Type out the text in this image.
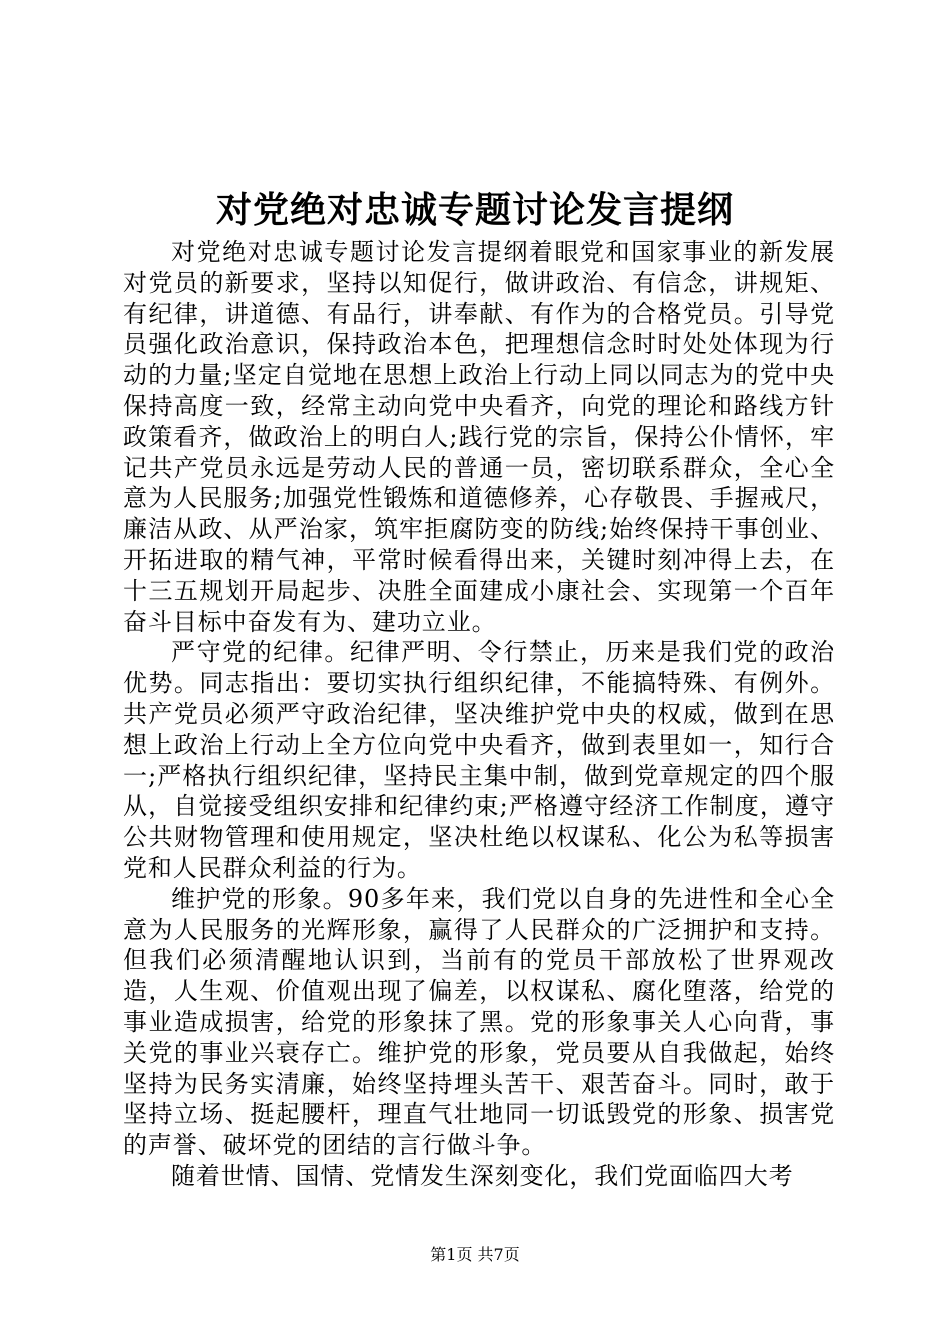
对党绝对忠诚专题讨论发言提纲

对党绝对忠诚专题讨论发言提纲着眼党和国家事业的新发展对党员的新要求，坚持以知促行，做讲政治、有信念，讲规矩、有纪律，讲道德、有品行，讲奉献、有作为的合格党员。引导党员强化政治意识，保持政治本色，把理想信念时时处处体现为行动的力量;坚定自觉地在思想上政治上行动上同以同志为的党中央保持高度一致，经常主动向党中央看齐，向党的理论和路线方针政策看齐，做政治上的明白人;践行党的宗旨，保持公仆情怀，牢记共产党员永远是劳动人民的普通一员，密切联系群众，全心全意为人民服务;加强党性锻炼和道德修养，心存敬畏、手握戒尺，廉洁从政、从严治家，筑牢拒腐防变的防线;始终保持干事创业、开拓进取的精气神，平常时候看得出来，关键时刻冲得上去，在十三五规划开局起步、决胜全面建成小康社会、实现第一个百年奋斗目标中奋发有为、建功立业。

严守党的纪律。纪律严明、令行禁止，历来是我们党的政治优势。同志指出：要切实执行组织纪律，不能搞特殊、有例外。共产党员必须严守政治纪律，坚决维护党中央的权威，做到在思想上政治上行动上全方位向党中央看齐，做到表里如一，知行合一;严格执行组织纪律，坚持民主集中制，做到党章规定的四个服从，自觉接受组织安排和纪律约束;严格遵守经济工作制度，遵守公共财物管理和使用规定，坚决杜绝以权谋私、化公为私等损害党和人民群众利益的行为。

维护党的形象。90多年来，我们党以自身的先进性和全心全意为人民服务的光辉形象，赢得了人民群众的广泛拥护和支持。但我们必须清醒地认识到，当前有的党员干部放松了世界观改造，人生观、价值观出现了偏差，以权谋私、腐化堕落，给党的事业造成损害，给党的形象抹了黑。党的形象事关人心向背，事关党的事业兴衰存亡。维护党的形象，党员要从自我做起，始终坚持为民务实清廉，始终坚持埋头苦干、艰苦奋斗。同时，敢于坚持立场、挺起腰杆，理直气壮地同一切诋毁党的形象、损害党的声誉、破坏党的团结的言行做斗争。

随着世情、国情、党情发生深刻变化，我们党面临四大考

第1页 共7页
